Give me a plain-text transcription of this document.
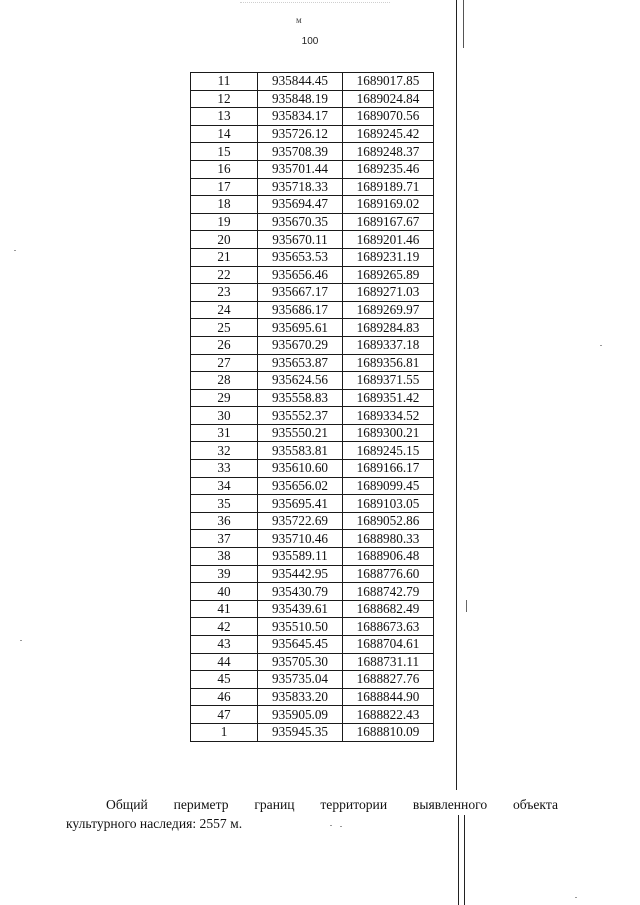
м
100
11	935844.45	1689017.85
12	935848.19	1689024.84
13	935834.17	1689070.56
14	935726.12	1689245.42
15	935708.39	1689248.37
16	935701.44	1689235.46
17	935718.33	1689189.71
18	935694.47	1689169.02
19	935670.35	1689167.67
20	935670.11	1689201.46
21	935653.53	1689231.19
22	935656.46	1689265.89
23	935667.17	1689271.03
24	935686.17	1689269.97
25	935695.61	1689284.83
26	935670.29	1689337.18
27	935653.87	1689356.81
28	935624.56	1689371.55
29	935558.83	1689351.42
30	935552.37	1689334.52
31	935550.21	1689300.21
32	935583.81	1689245.15
33	935610.60	1689166.17
34	935656.02	1689099.45
35	935695.41	1689103.05
36	935722.69	1689052.86
37	935710.46	1688980.33
38	935589.11	1688906.48
39	935442.95	1688776.60
40	935430.79	1688742.79
41	935439.61	1688682.49
42	935510.50	1688673.63
43	935645.45	1688704.61
44	935705.30	1688731.11
45	935735.04	1688827.76
46	935833.20	1688844.90
47	935905.09	1688822.43
1	935945.35	1688810.09
Общий периметр границ территории выявленного объекта
культурного наследия: 2557 м.
